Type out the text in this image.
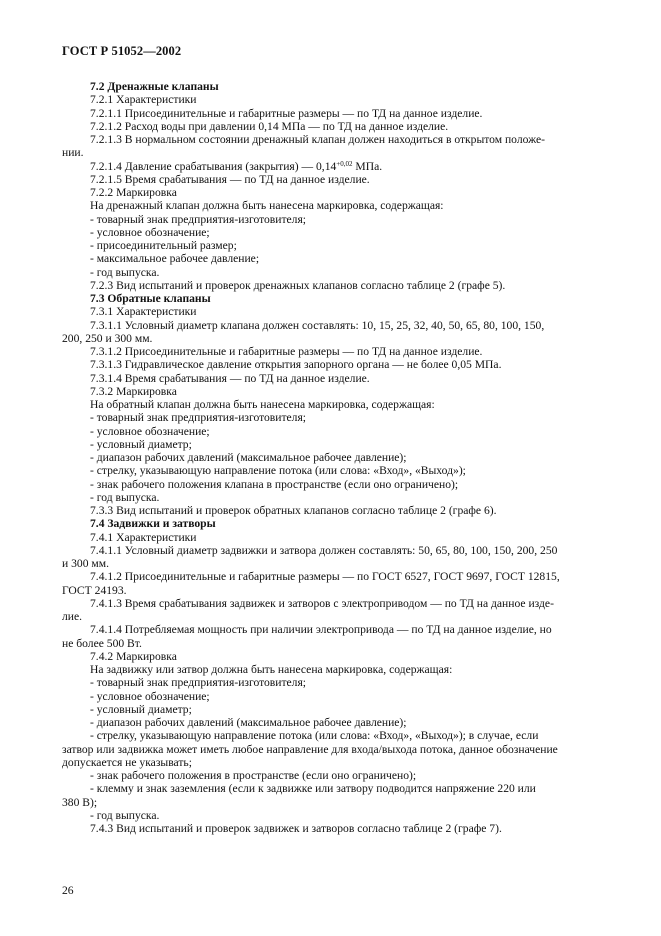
ГОСТ Р 51052—2002

7.2 Дренажные клапаны

7.2.1 Характеристики

7.2.1.1 Присоединительные и габаритные размеры — по ТД на данное изделие.

7.2.1.2 Расход воды при давлении 0,14 МПа — по ТД на данное изделие.

7.2.1.3 В нормальном состоянии дренажный клапан должен находиться в открытом положе-

нии.

7.2.1.4 Давление срабатывания (закрытия) — $0,14^{+0,02}$ МПа.

7.2.1.5 Время срабатывания — по ТД на данное изделие.

7.2.2 Маркировка

На дренажный клапан должна быть нанесена маркировка, содержащая:

- товарный знак предприятия-изготовителя;

- условное обозначение;

- присоединительный размер;

- максимальное рабочее давление;

- год выпуска.

7.2.3 Вид испытаний и проверок дренажных клапанов согласно таблице 2 (графе 5).

7.3 Обратные клапаны

7.3.1 Характеристики

7.3.1.1 Условный диаметр клапана должен составлять: 10, 15, 25, 32, 40, 50, 65, 80, 100, 150,

200, 250 и 300 мм.

7.3.1.2 Присоединительные и габаритные размеры — по ТД на данное изделие.

7.3.1.3 Гидравлическое давление открытия запорного органа — не более 0,05 МПа.

7.3.1.4 Время срабатывания — по ТД на данное изделие.

7.3.2 Маркировка

На обратный клапан должна быть нанесена маркировка, содержащая:

- товарный знак предприятия-изготовителя;

- условное обозначение;

- условный диаметр;

- диапазон рабочих давлений (максимальное рабочее давление);

- стрелку, указывающую направление потока (или слова: «Вход», «Выход»);

- знак рабочего положения клапана в пространстве (если оно ограничено);

- год выпуска.

7.3.3 Вид испытаний и проверок обратных клапанов согласно таблице 2 (графе 6).

7.4 Задвижки и затворы

7.4.1 Характеристики

7.4.1.1 Условный диаметр задвижки и затвора должен составлять: 50, 65, 80, 100, 150, 200, 250

и 300 мм.

7.4.1.2 Присоединительные и габаритные размеры — по ГОСТ 6527, ГОСТ 9697, ГОСТ 12815,

ГОСТ 24193.

7.4.1.3 Время срабатывания задвижек и затворов с электроприводом — по ТД на данное изде-

лие.

7.4.1.4 Потребляемая мощность при наличии электропривода — по ТД на данное изделие, но

не более 500 Вт.

7.4.2 Маркировка

На задвижку или затвор должна быть нанесена маркировка, содержащая:

- товарный знак предприятия-изготовителя;

- условное обозначение;

- условный диаметр;

- диапазон рабочих давлений (максимальное рабочее давление);

- стрелку, указывающую направление потока (или слова: «Вход», «Выход»); в случае, если

затвор или задвижка может иметь любое направление для входа/выхода потока, данное обозначение

допускается не указывать;

- знак рабочего положения в пространстве (если оно ограничено);

- клемму и знак заземления (если к задвижке или затвору подводится напряжение 220 или

380 В);

- год выпуска.

7.4.3 Вид испытаний и проверок задвижек и затворов согласно таблице 2 (графе 7).

26
